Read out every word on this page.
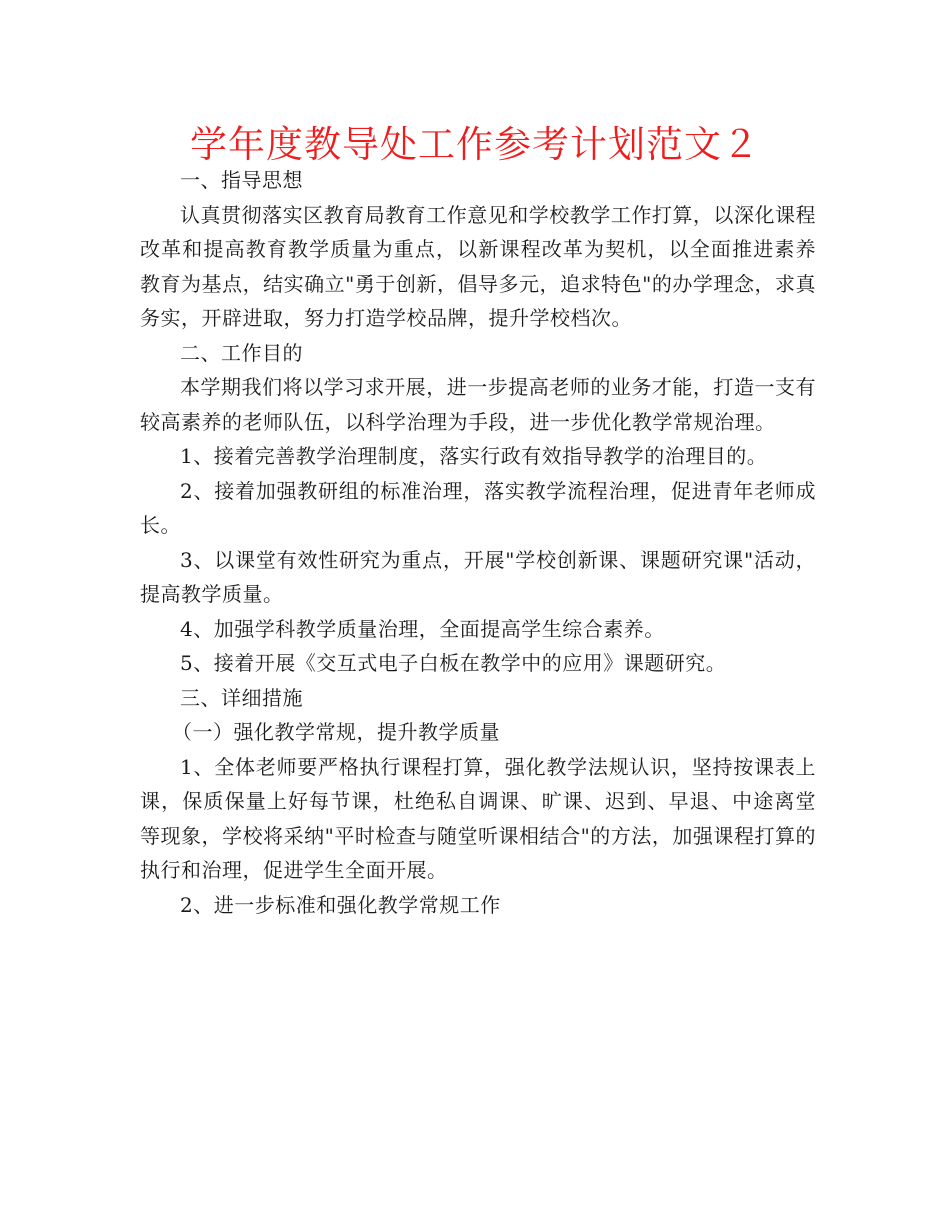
学年度教导处工作参考计划范文２

一、指导思想

认真贯彻落实区教育局教育工作意见和学校教学工作打算，以深化课程改革和提高教育教学质量为重点，以新课程改革为契机，以全面推进素养教育为基点，结实确立"勇于创新，倡导多元，追求特色"的办学理念，求真务实，开辟进取，努力打造学校品牌，提升学校档次。

二、工作目的

本学期我们将以学习求开展，进一步提高老师的业务才能，打造一支有较高素养的老师队伍，以科学治理为手段，进一步优化教学常规治理。

1、接着完善教学治理制度，落实行政有效指导教学的治理目的。

2、接着加强教研组的标准治理，落实教学流程治理，促进青年老师成长。

3、以课堂有效性研究为重点，开展"学校创新课、课题研究课"活动，提高教学质量。

4、加强学科教学质量治理，全面提高学生综合素养。

5、接着开展《交互式电子白板在教学中的应用》课题研究。

三、详细措施

（一）强化教学常规，提升教学质量

1、全体老师要严格执行课程打算，强化教学法规认识，坚持按课表上课，保质保量上好每节课，杜绝私自调课、旷课、迟到、早退、中途离堂等现象，学校将采纳"平时检查与随堂听课相结合"的方法，加强课程打算的执行和治理，促进学生全面开展。

2、进一步标准和强化教学常规工作
